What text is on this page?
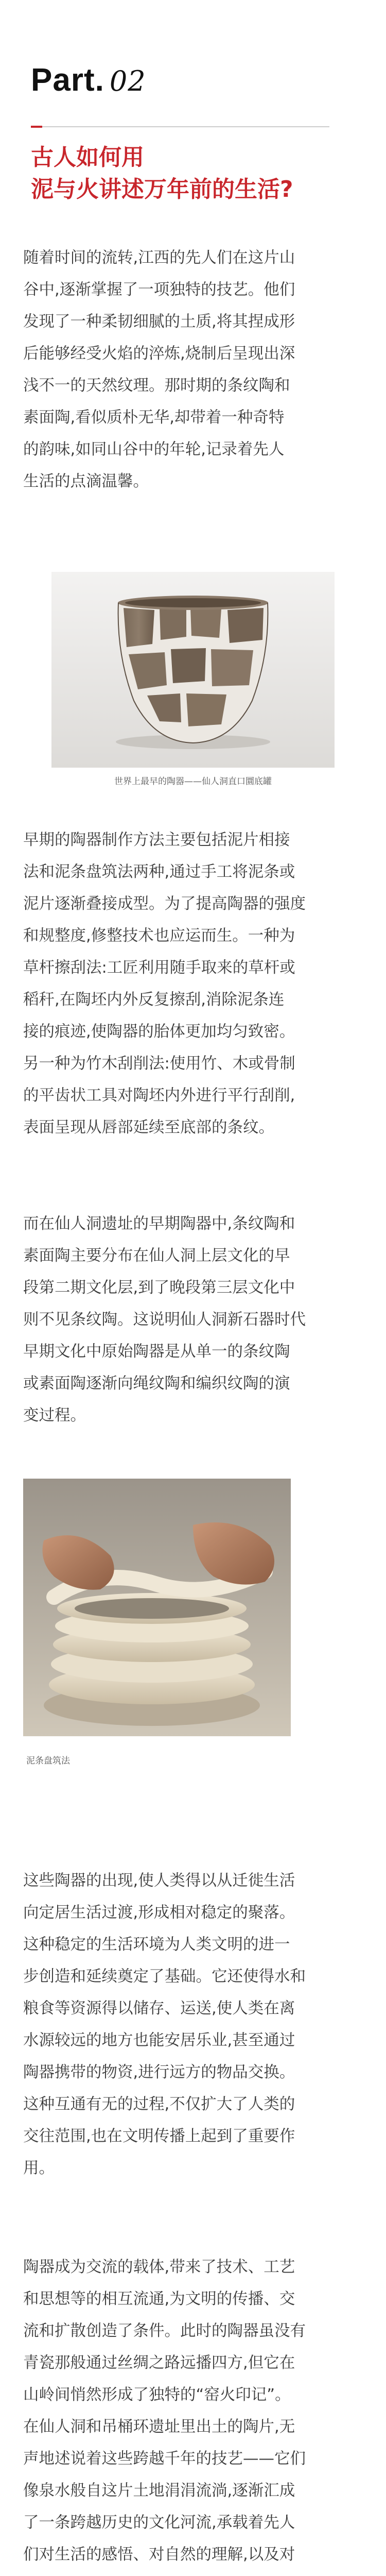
Part. 02
古人如何用
泥与火讲述万年前的生活?
随着时间的流转,江西的先人们在这片山
谷中,逐渐掌握了一项独特的技艺。他们
发现了一种柔韧细腻的土质,将其捏成形
后能够经受火焰的淬炼,烧制后呈现出深
浅不一的天然纹理。那时期的条纹陶和
素面陶,看似质朴无华,却带着一种奇特
的韵味,如同山谷中的年轮,记录着先人
生活的点滴温馨。
世界上最早的陶器——仙人洞直口圜底罐
早期的陶器制作方法主要包括泥片相接
法和泥条盘筑法两种,通过手工将泥条或
泥片逐渐叠接成型。为了提高陶器的强度
和规整度,修整技术也应运而生。一种为
草杆擦刮法:工匠利用随手取来的草杆或
稻秆,在陶坯内外反复擦刮,消除泥条连
接的痕迹,使陶器的胎体更加均匀致密。
另一种为竹木刮削法:使用竹、木或骨制
的平齿状工具对陶坯内外进行平行刮削,
表面呈现从唇部延续至底部的条纹。
而在仙人洞遗址的早期陶器中,条纹陶和
素面陶主要分布在仙人洞上层文化的早
段第二期文化层,到了晚段第三层文化中
则不见条纹陶。这说明仙人洞新石器时代
早期文化中原始陶器是从单一的条纹陶
或素面陶逐渐向绳纹陶和编织纹陶的演
变过程。
泥条盘筑法
这些陶器的出现,使人类得以从迁徙生活
向定居生活过渡,形成相对稳定的聚落。
这种稳定的生活环境为人类文明的进一
步创造和延续奠定了基础。它还使得水和
粮食等资源得以储存、运送,使人类在离
水源较远的地方也能安居乐业,甚至通过
陶器携带的物资,进行远方的物品交换。
这种互通有无的过程,不仅扩大了人类的
交往范围,也在文明传播上起到了重要作
用。
陶器成为交流的载体,带来了技术、工艺
和思想等的相互流通,为文明的传播、交
流和扩散创造了条件。此时的陶器虽没有
青瓷那般通过丝绸之路远播四方,但它在
山岭间悄然形成了独特的“窑火印记”。
在仙人洞和吊桶环遗址里出土的陶片,无
声地述说着这些跨越千年的技艺——它们
像泉水般自这片土地涓涓流淌,逐渐汇成
了一条跨越历史的文化河流,承载着先人
们对生活的感悟、对自然的理解,以及对
